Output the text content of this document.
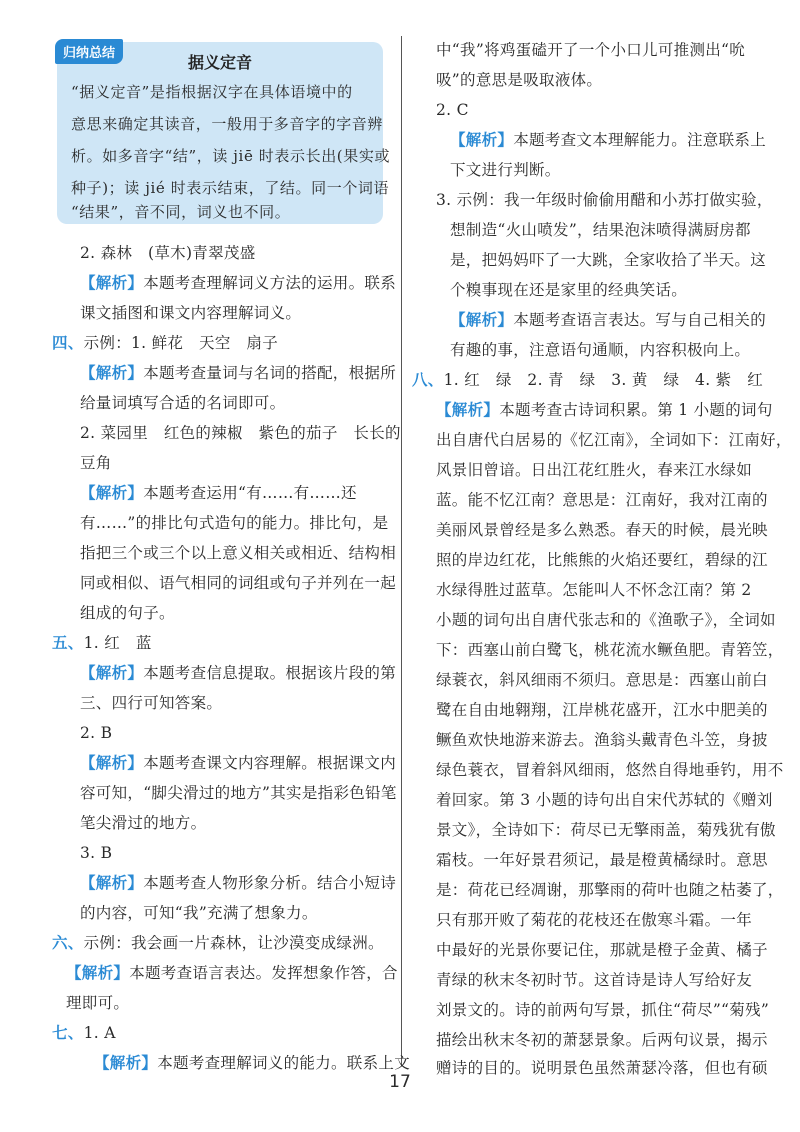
归纳总结	据义定音
“据义定音”是指根据汉字在具体语境中的
意思来确定其读音，一般用于多音字的字音辨
析。如多音字“结”，读 jiē 时表示长出(果实或
种子)；读 jié 时表示结束，了结。同一个词语
“结果”，音不同，词义也不同。
2. 森林　(草木)青翠茂盛
【解析】本题考查理解词义方法的运用。联系
课文插图和课文内容理解词义。
四、示例：1. 鲜花　天空　扇子
【解析】本题考查量词与名词的搭配，根据所
给量词填写合适的名词即可。
2. 菜园里　红色的辣椒　紫色的茄子　长长的
豆角
【解析】本题考查运用“有……有……还
有……”的排比句式造句的能力。排比句，是
指把三个或三个以上意义相关或相近、结构相
同或相似、语气相同的词组或句子并列在一起
组成的句子。
五、1. 红　蓝
【解析】本题考查信息提取。根据该片段的第
三、四行可知答案。
2. B
【解析】本题考查课文内容理解。根据课文内
容可知，“脚尖滑过的地方”其实是指彩色铅笔
笔尖滑过的地方。
3. B
【解析】本题考查人物形象分析。结合小短诗
的内容，可知“我”充满了想象力。
六、示例：我会画一片森林，让沙漠变成绿洲。
【解析】本题考查语言表达。发挥想象作答，合
理即可。
七、1. A
【解析】本题考查理解词义的能力。联系上文
中“我”将鸡蛋磕开了一个小口儿可推测出“吮
吸”的意思是吸取液体。
2. C
【解析】本题考查文本理解能力。注意联系上
下文进行判断。
3. 示例：我一年级时偷偷用醋和小苏打做实验，
想制造“火山喷发”，结果泡沫喷得满厨房都
是，把妈妈吓了一大跳，全家收拾了半天。这
个糗事现在还是家里的经典笑话。
【解析】本题考查语言表达。写与自己相关的
有趣的事，注意语句通顺，内容积极向上。
八、1. 红　绿　2. 青　绿　3. 黄　绿　4. 紫　红
【解析】本题考查古诗词积累。第 1 小题的词句
出自唐代白居易的《忆江南》，全词如下：江南好，
风景旧曾谙。日出江花红胜火，春来江水绿如
蓝。能不忆江南？意思是：江南好，我对江南的
美丽风景曾经是多么熟悉。春天的时候，晨光映
照的岸边红花，比熊熊的火焰还要红，碧绿的江
水绿得胜过蓝草。怎能叫人不怀念江南？第 2
小题的词句出自唐代张志和的《渔歌子》，全词如
下：西塞山前白鹭飞，桃花流水鳜鱼肥。青箬笠，
绿蓑衣，斜风细雨不须归。意思是：西塞山前白
鹭在自由地翱翔，江岸桃花盛开，江水中肥美的
鳜鱼欢快地游来游去。渔翁头戴青色斗笠，身披
绿色蓑衣，冒着斜风细雨，悠然自得地垂钓，用不
着回家。第 3 小题的诗句出自宋代苏轼的《赠刘
景文》，全诗如下：荷尽已无擎雨盖，菊残犹有傲
霜枝。一年好景君须记，最是橙黄橘绿时。意思
是：荷花已经凋谢，那擎雨的荷叶也随之枯萎了，
只有那开败了菊花的花枝还在傲寒斗霜。一年
中最好的光景你要记住，那就是橙子金黄、橘子
青绿的秋末冬初时节。这首诗是诗人写给好友
刘景文的。诗的前两句写景，抓住“荷尽”“菊残”
描绘出秋末冬初的萧瑟景象。后两句议景，揭示
赠诗的目的。说明景色虽然萧瑟冷落，但也有硕
17
